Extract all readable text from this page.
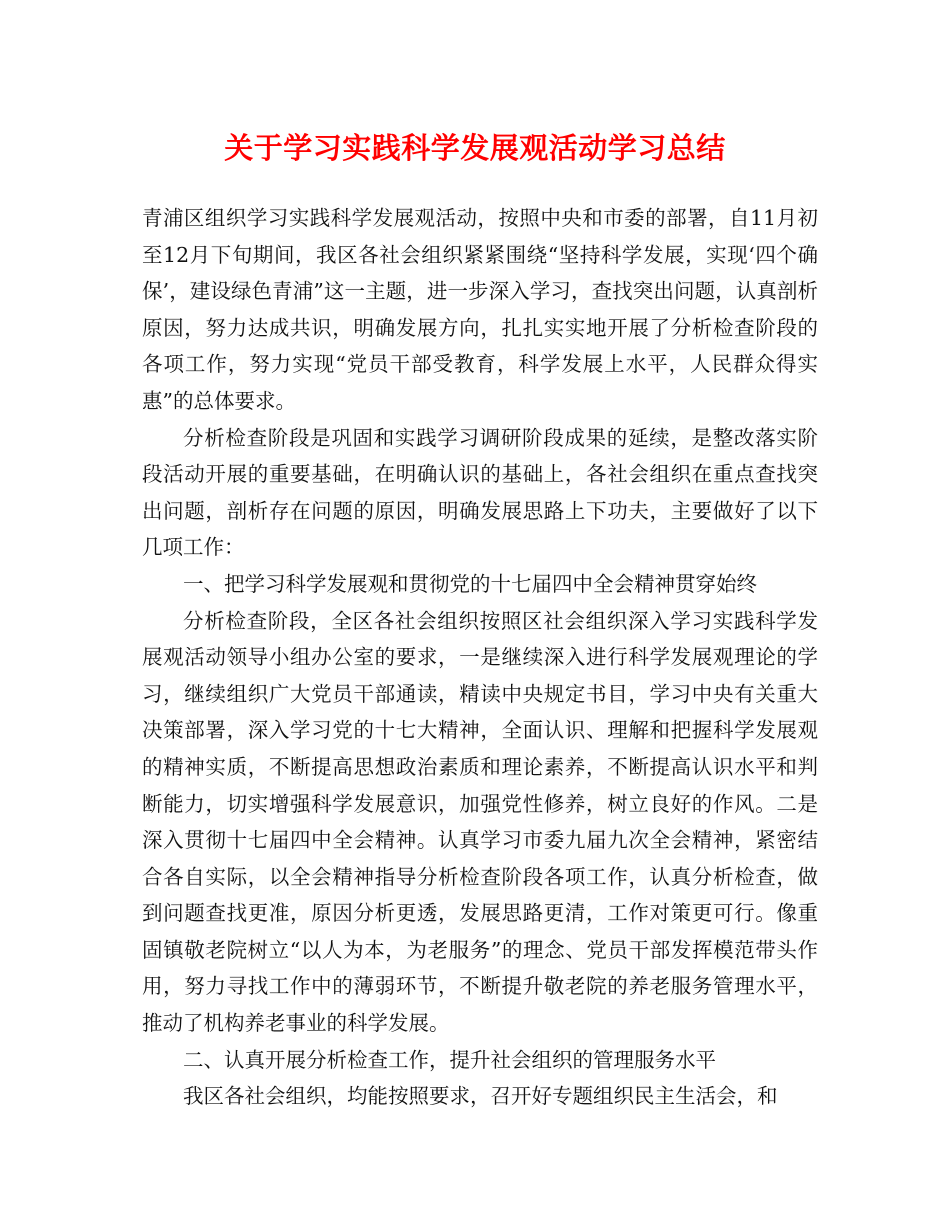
关于学习实践科学发展观活动学习总结

青浦区组织学习实践科学发展观活动，按照中央和市委的部署，自11月初至12月下旬期间，我区各社会组织紧紧围绕“坚持科学发展，实现‘四个确保’，建设绿色青浦”这一主题，进一步深入学习，查找突出问题，认真剖析原因，努力达成共识，明确发展方向，扎扎实实地开展了分析检查阶段的各项工作，努力实现“党员干部受教育，科学发展上水平，人民群众得实惠”的总体要求。

分析检查阶段是巩固和实践学习调研阶段成果的延续，是整改落实阶段活动开展的重要基础，在明确认识的基础上，各社会组织在重点查找突出问题，剖析存在问题的原因，明确发展思路上下功夫，主要做好了以下几项工作：

一、把学习科学发展观和贯彻党的十七届四中全会精神贯穿始终

分析检查阶段，全区各社会组织按照区社会组织深入学习实践科学发展观活动领导小组办公室的要求，一是继续深入进行科学发展观理论的学习，继续组织广大党员干部通读，精读中央规定书目，学习中央有关重大决策部署，深入学习党的十七大精神，全面认识、理解和把握科学发展观的精神实质，不断提高思想政治素质和理论素养，不断提高认识水平和判断能力，切实增强科学发展意识，加强党性修养，树立良好的作风。二是深入贯彻十七届四中全会精神。认真学习市委九届九次全会精神，紧密结合各自实际，以全会精神指导分析检查阶段各项工作，认真分析检查，做到问题查找更准，原因分析更透，发展思路更清，工作对策更可行。像重固镇敬老院树立“以人为本，为老服务”的理念、党员干部发挥模范带头作用，努力寻找工作中的薄弱环节，不断提升敬老院的养老服务管理水平，推动了机构养老事业的科学发展。

二、认真开展分析检查工作，提升社会组织的管理服务水平

我区各社会组织，均能按照要求，召开好专题组织民主生活会，和
